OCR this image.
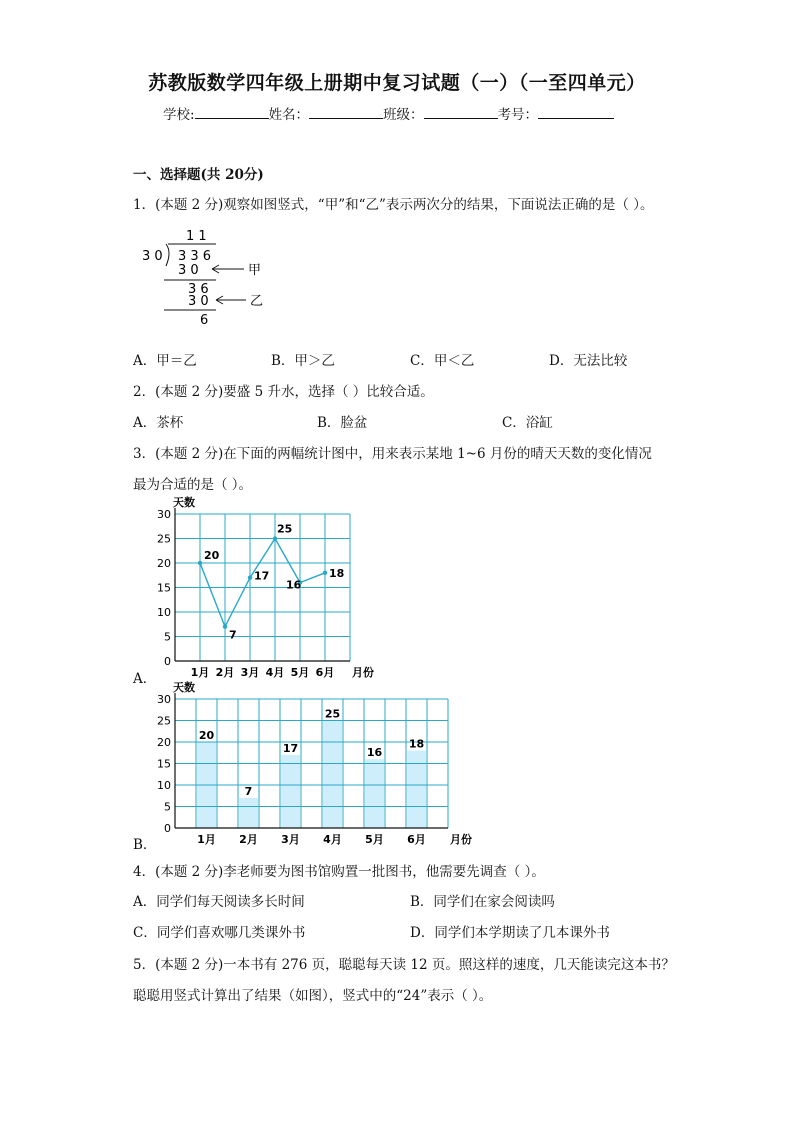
苏教版数学四年级上册期中复习试题（一）（一至四单元）
学校:	姓名：	班级：	考号：
一、选择题(共 20分)
1．(本题 2 分)观察如图竖式，“甲”和“乙”表示两次分的结果，下面说法正确的是（ ）。
1 1
3 0 3 3 6
3 0	甲
3 6
3 0	乙
6
A．甲＝乙	B．甲＞乙	C．甲＜乙	D．无法比较
2．(本题 2 分)要盛 5 升水，选择（ ）比较合适。
A．茶杯	B．脸盆	C．浴缸
3．(本题 2 分)在下面的两幅统计图中，用来表示某地 1~6 月份的晴天天数的变化情况
最为合适的是（ ）。
A．
0
5
10
15
20
25
30
天数
1月 2月 3月 4月 5月 6月 月份
20
7
17
25
16
18
B．
0
5
10
15
20
25
30
天数
1月 2月 3月 4月 5月 6月 月份
20
7
17
25
16
18
4．(本题 2 分)李老师要为图书馆购置一批图书，他需要先调查（ ）。
A．同学们每天阅读多长时间	B．同学们在家会阅读吗
C．同学们喜欢哪几类课外书	D．同学们本学期读了几本课外书
5．(本题 2 分)一本书有 276 页，聪聪每天读 12 页。照这样的速度，几天能读完这本书？
聪聪用竖式计算出了结果（如图），竖式中的“24”表示（ ）。
